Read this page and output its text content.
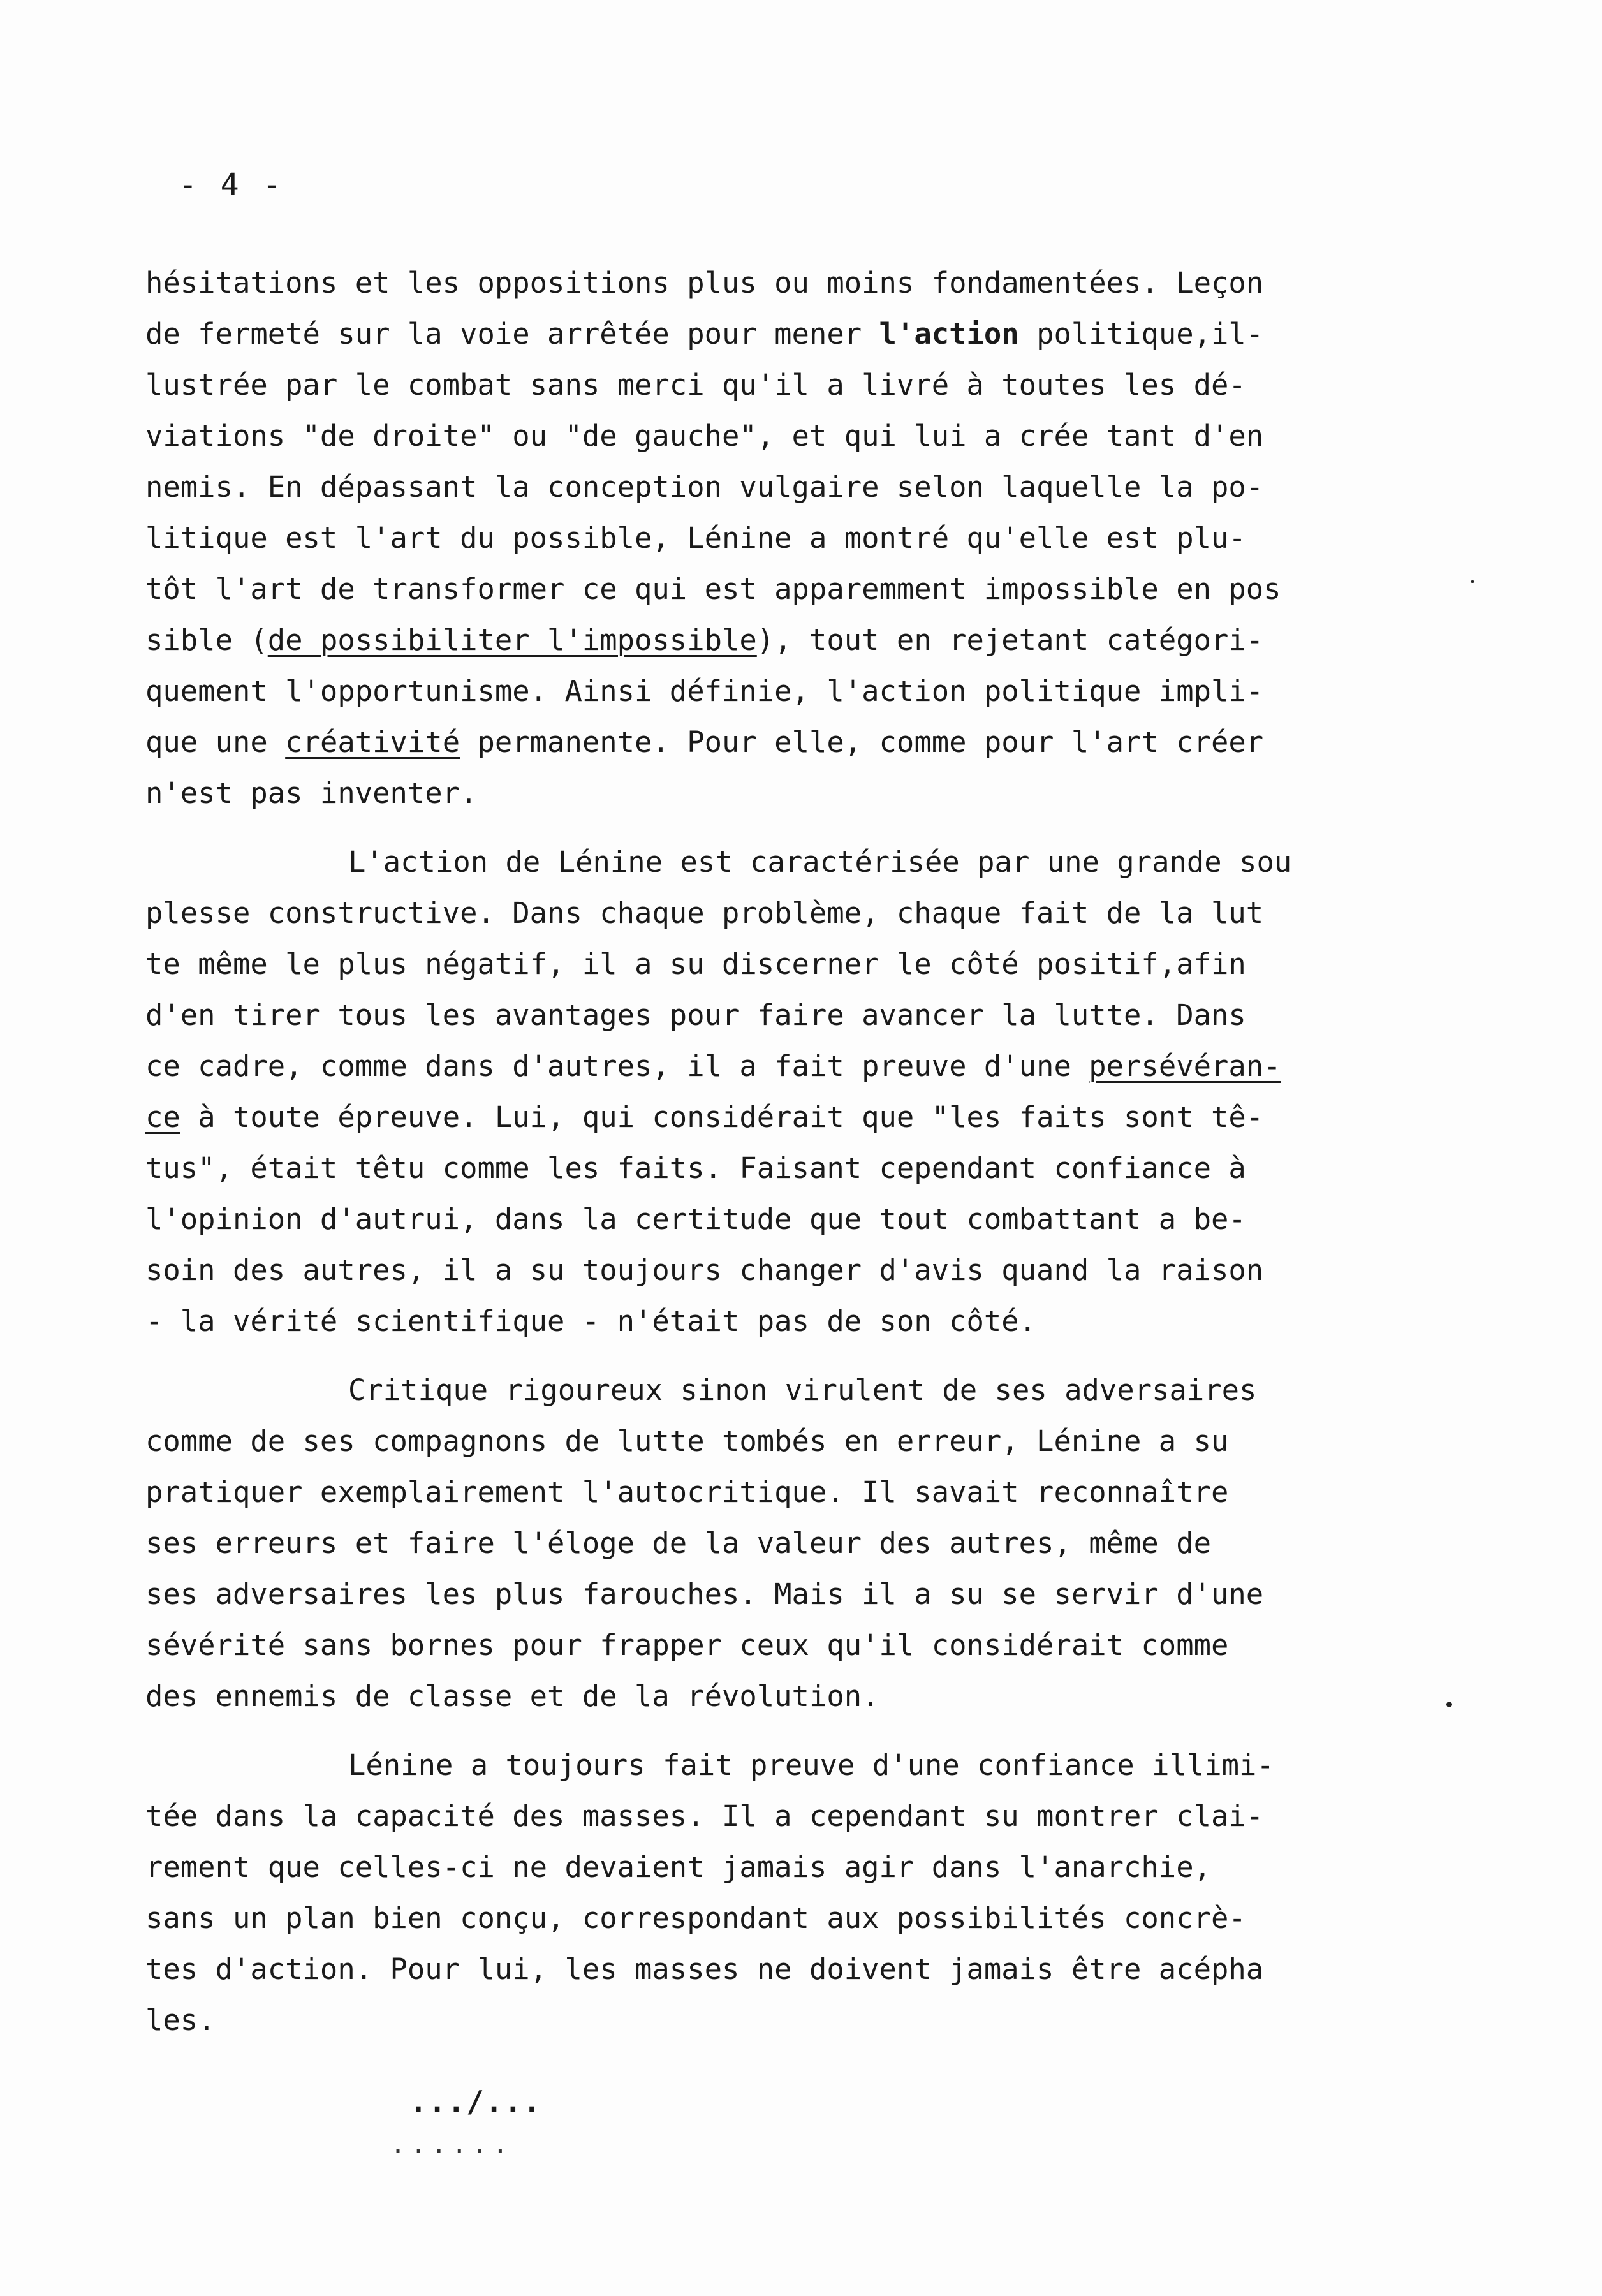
- 4 -
hésitations et les oppositions plus ou moins fondamentées. Leçon
de fermeté sur la voie arrêtée pour mener l'action politique,il-
lustrée par le combat sans merci qu'il a livré à toutes les dé-
viations "de droite" ou "de gauche", et qui lui a crée tant d'en
nemis. En dépassant la conception vulgaire selon laquelle la po-
litique est l'art du possible, Lénine a montré qu'elle est plu-
tôt l'art de transformer ce qui est apparemment impossible en pos
sible (de possibiliter l'impossible), tout en rejetant catégori-
quement l'opportunisme. Ainsi définie, l'action politique impli-
que une créativité permanente. Pour elle, comme pour l'art créer
n'est pas inventer.
L'action de Lénine est caractérisée par une grande sou
plesse constructive. Dans chaque problème, chaque fait de la lut
te même le plus négatif, il a su discerner le côté positif,afin
d'en tirer tous les avantages pour faire avancer la lutte. Dans
ce cadre, comme dans d'autres, il a fait preuve d'une persévéran-
ce à toute épreuve. Lui, qui considérait que "les faits sont tê-
tus", était têtu comme les faits. Faisant cependant confiance à
l'opinion d'autrui, dans la certitude que tout combattant a be-
soin des autres, il a su toujours changer d'avis quand la raison
- la vérité scientifique - n'était pas de son côté.
Critique rigoureux sinon virulent de ses adversaires
comme de ses compagnons de lutte tombés en erreur, Lénine a su
pratiquer exemplairement l'autocritique. Il savait reconnaître
ses erreurs et faire l'éloge de la valeur des autres, même de
ses adversaires les plus farouches. Mais il a su se servir d'une
sévérité sans bornes pour frapper ceux qu'il considérait comme
des ennemis de classe et de la révolution.
Lénine a toujours fait preuve d'une confiance illimi-
tée dans la capacité des masses. Il a cependant su montrer clai-
rement que celles-ci ne devaient jamais agir dans l'anarchie,
sans un plan bien conçu, correspondant aux possibilités concrè-
tes d'action. Pour lui, les masses ne doivent jamais être acépha
les.
.../...
......
